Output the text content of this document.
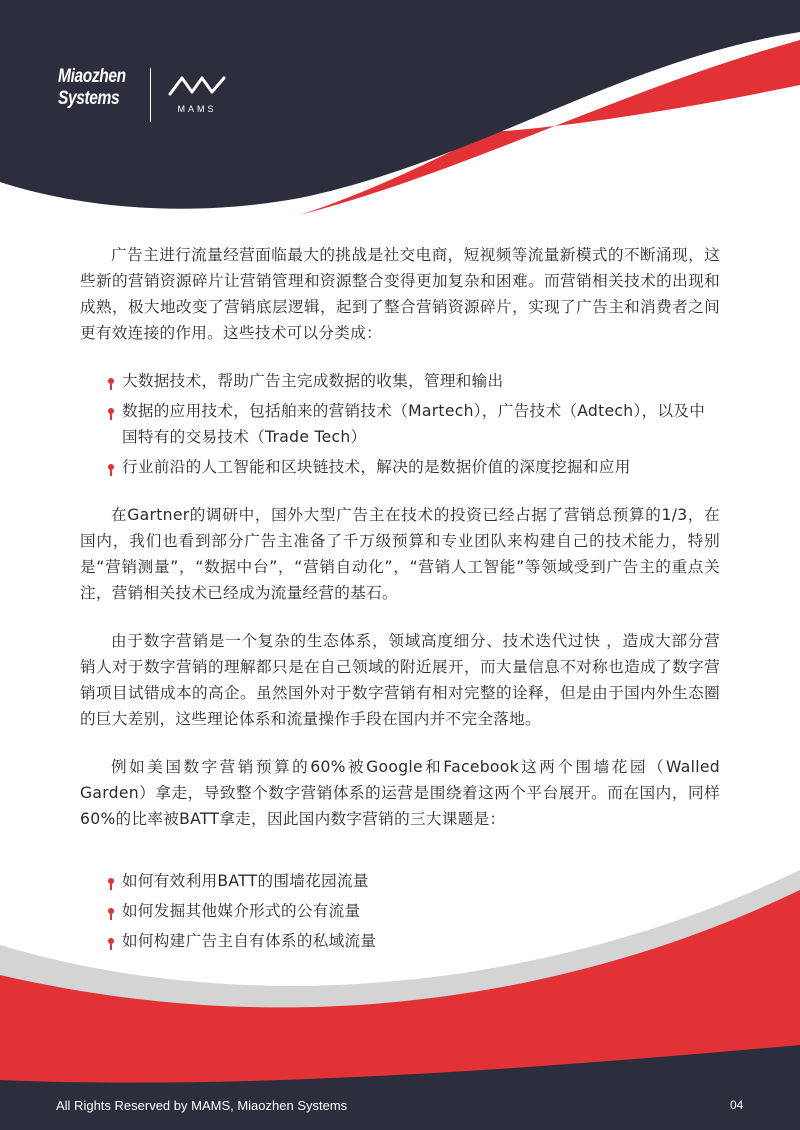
Miaozhen
Systems	MAMS

广告主进行流量经营面临最大的挑战是社交电商，短视频等流量新模式的不断涌现，这些新的营销资源碎片让营销管理和资源整合变得更加复杂和困难。而营销相关技术的出现和成熟，极大地改变了营销底层逻辑，起到了整合营销资源碎片，实现了广告主和消费者之间更有效连接的作用。这些技术可以分类成：

大数据技术，帮助广告主完成数据的收集，管理和输出
数据的应用技术，包括舶来的营销技术（Martech），广告技术（Adtech），以及中国特有的交易技术（Trade Tech）
行业前沿的人工智能和区块链技术，解决的是数据价值的深度挖掘和应用

在Gartner的调研中，国外大型广告主在技术的投资已经占据了营销总预算的1/3，在国内，我们也看到部分广告主准备了千万级预算和专业团队来构建自己的技术能力，特别是“营销测量”，“数据中台”，“营销自动化”，“营销人工智能”等领域受到广告主的重点关注，营销相关技术已经成为流量经营的基石。

由于数字营销是一个复杂的生态体系，领域高度细分、技术迭代过快 ，造成大部分营销人对于数字营销的理解都只是在自己领域的附近展开，而大量信息不对称也造成了数字营销项目试错成本的高企。虽然国外对于数字营销有相对完整的诠释，但是由于国内外生态圈的巨大差别，这些理论体系和流量操作手段在国内并不完全落地。

例如美国数字营销预算的60%被Google和Facebook这两个围墙花园（Walled Garden）拿走，导致整个数字营销体系的运营是围绕着这两个平台展开。而在国内，同样60%的比率被BATT拿走，因此国内数字营销的三大课题是：

如何有效利用BATT的围墙花园流量
如何发掘其他媒介形式的公有流量
如何构建广告主自有体系的私域流量
All Rights Reserved by MAMS, Miaozhen Systems	04
